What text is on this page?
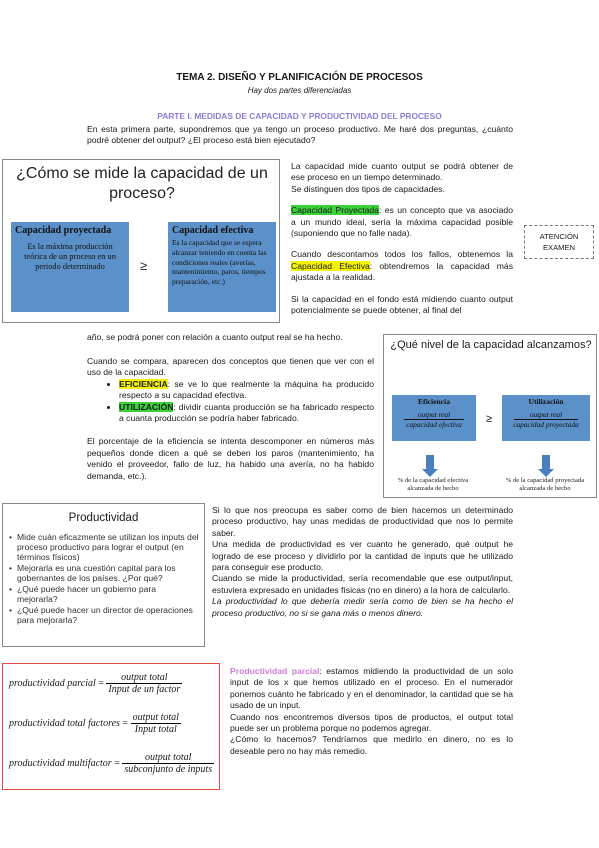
TEMA 2. DISEÑO Y PLANIFICACIÓN DE PROCESOS
Hay dos partes diferenciadas
PARTE I. MEDIDAS DE CAPACIDAD Y PRODUCTIVIDAD DEL PROCESO
En esta primera parte, supondremos que ya tengo un proceso productivo. Me haré dos preguntas, ¿cuánto podré obtener del output? ¿El proceso está bien ejecutado?
¿Cómo se mide la capacidad de un proceso?
Capacidad proyectada
Es la máxima producción teórica de un proceso en un periodo determinado	≥
Capacidad efectiva
Es la capacidad que se espera alcanzar teniendo en cuenta las condiciones reales (averías, mantenimiento, paros, tiempos preparación, etc.)
La capacidad mide cuanto output se podrá obtener de ese proceso en un tiempo determinado.
Se distinguen dos tipos de capacidades.
Capacidad Proyectada: es un concepto que va asociado a un mundo ideal, sería la máxima capacidad posible (suponiendo que no falle nada).
Cuando descontamos todos los fallos, obtenemos la Capacidad Efectiva: obtendremos la capacidad más ajustada a la realidad.
Si la capacidad en el fondo está midiendo cuanto output potencialmente se puede obtener, al final del
ATENCIÓN
EXAMEN
año, se podrá poner con relación a cuanto output real se ha hecho.
Cuando se compara, aparecen dos conceptos que tienen que ver con el uso de la capacidad.
• EFICIENCIA: se ve lo que realmente la máquina ha producido respecto a su capacidad efectiva.
• UTILIZACIÓN: dividir cuanta producción se ha fabricado respecto a cuanta producción se podría haber fabricado.
El porcentaje de la eficiencia se intenta descomponer en números más pequeños donde dicen a qué se deben los paros (mantenimiento, ha venido el proveedor, fallo de luz, ha habido una avería, no ha habido demanda, etc.).
¿Qué nivel de la capacidad alcanzamos?
Eficiencia
output real
capacidad efectiva	≥
Utilización
output real
capacidad proyectada
% de la capacidad efectiva alcanzada de hecho
% de la capacidad proyectada alcanzada de hecho
Productividad
• Mide cuán eficazmente se utilizan los inputs del proceso productivo para lograr el output (en términos físicos)
• Mejorarla es una cuestión capital para los gobernantes de los países. ¿Por qué?
• ¿Qué puede hacer un gobierno para mejorarla?
• ¿Qué puede hacer un director de operaciones para mejorarla?
Si lo que nos preocupa es saber como de bien hacemos un determinado proceso productivo, hay unas medidas de productividad que nos lo permite saber.
Una medida de productividad es ver cuanto he generado, qué output he logrado de ese proceso y dividirlo por la cantidad de inputs que he utilizado para conseguir ese producto.
Cuando se mide la productividad, sería recomendable que ese output/input, estuviera expresado en unidades físicas (no en dinero) a la hora de calcularlo.
La productividad lo que debería medir sería como de bien se ha hecho el proceso productivo, no si se gana más o menos dinero.
productividad parcial = $\frac{\text{output total}}{\text{Input de un factor}}$
productividad total factores = $\frac{\text{output total}}{\text{Input total}}$
productividad multifactor = $\frac{\text{output total}}{\text{subconjunto de inputs}}$
Productividad parcial: estamos midiendo la productividad de un solo input de los x que hemos utilizado en el proceso. En el numerador ponemos cuánto he fabricado y en el denominador, la cantidad que se ha usado de un input.
Cuando nos encontremos diversos tipos de productos, el output total puede ser un problema porque no podemos agregar.
¿Cómo lo hacemos? Tendríamos que medirlo en dinero, no es lo deseable pero no hay más remedio.
